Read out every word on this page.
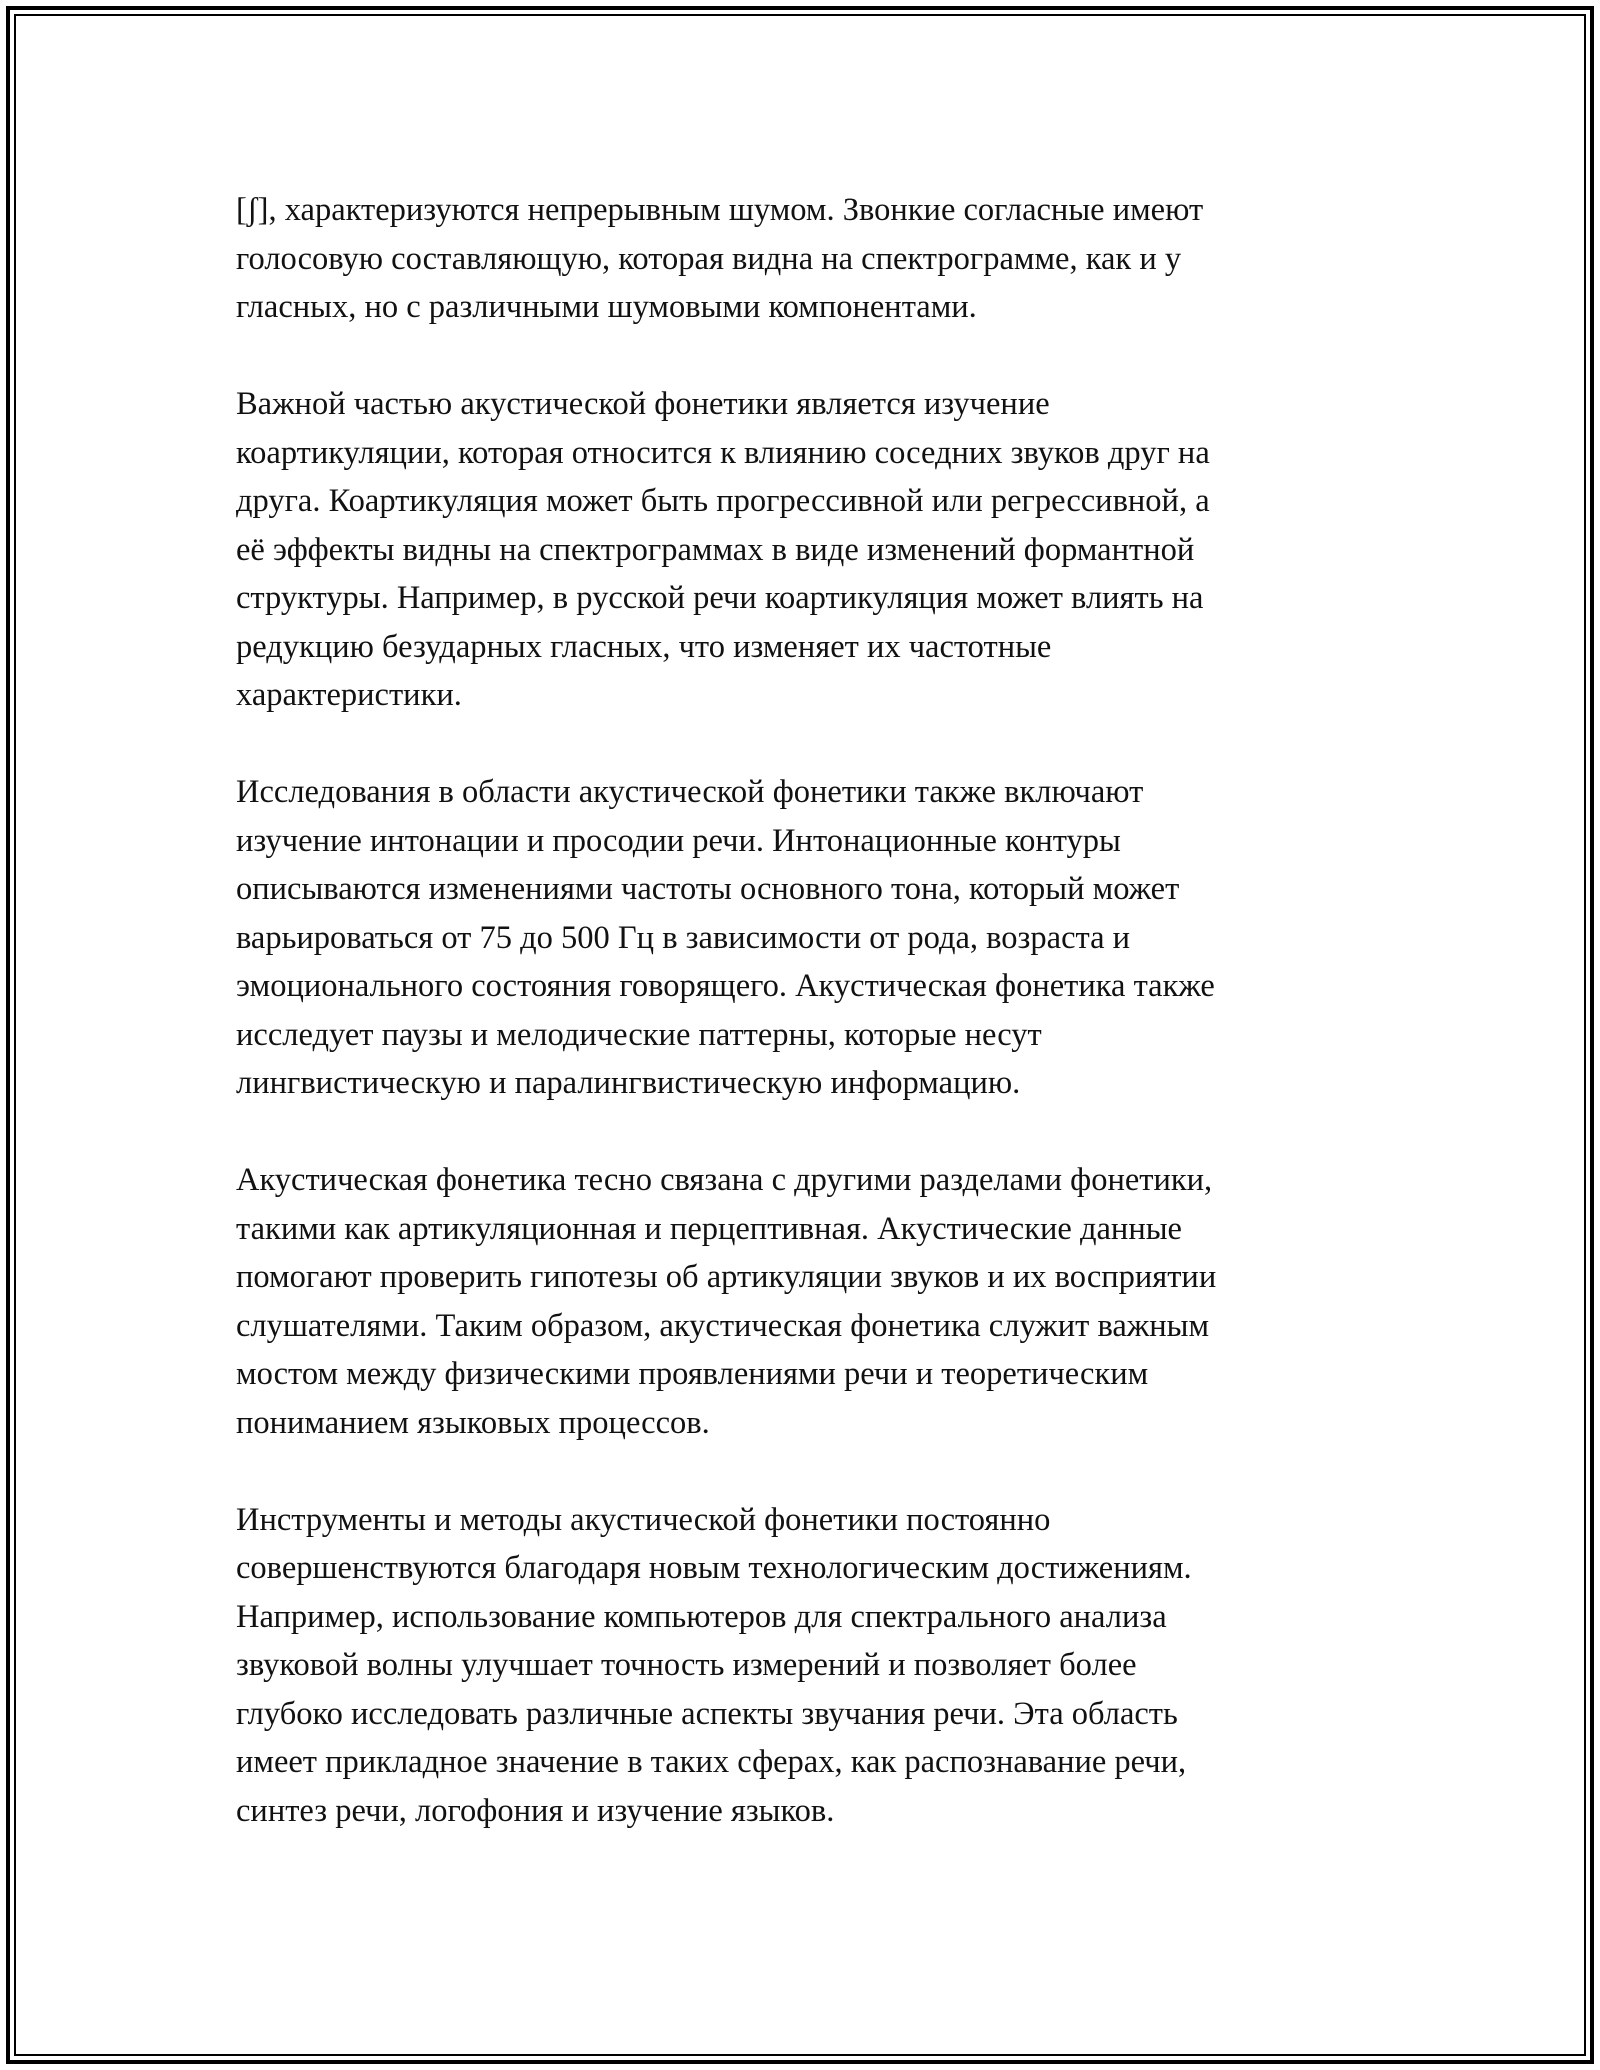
[ʃ], характеризуются непрерывным шумом. Звонкие согласные имеют
голосовую составляющую, которая видна на спектрограмме, как и у
гласных, но с различными шумовыми компонентами.

Важной частью акустической фонетики является изучение
коартикуляции, которая относится к влиянию соседних звуков друг на
друга. Коартикуляция может быть прогрессивной или регрессивной, а
её эффекты видны на спектрограммах в виде изменений формантной
структуры. Например, в русской речи коартикуляция может влиять на
редукцию безударных гласных, что изменяет их частотные
характеристики.

Исследования в области акустической фонетики также включают
изучение интонации и просодии речи. Интонационные контуры
описываются изменениями частоты основного тона, который может
варьироваться от 75 до 500 Гц в зависимости от рода, возраста и
эмоционального состояния говорящего. Акустическая фонетика также
исследует паузы и мелодические паттерны, которые несут
лингвистическую и паралингвистическую информацию.

Акустическая фонетика тесно связана с другими разделами фонетики,
такими как артикуляционная и перцептивная. Акустические данные
помогают проверить гипотезы об артикуляции звуков и их восприятии
слушателями. Таким образом, акустическая фонетика служит важным
мостом между физическими проявлениями речи и теоретическим
пониманием языковых процессов.

Инструменты и методы акустической фонетики постоянно
совершенствуются благодаря новым технологическим достижениям.
Например, использование компьютеров для спектрального анализа
звуковой волны улучшает точность измерений и позволяет более
глубоко исследовать различные аспекты звучания речи. Эта область
имеет прикладное значение в таких сферах, как распознавание речи,
синтез речи, логофония и изучение языков.
